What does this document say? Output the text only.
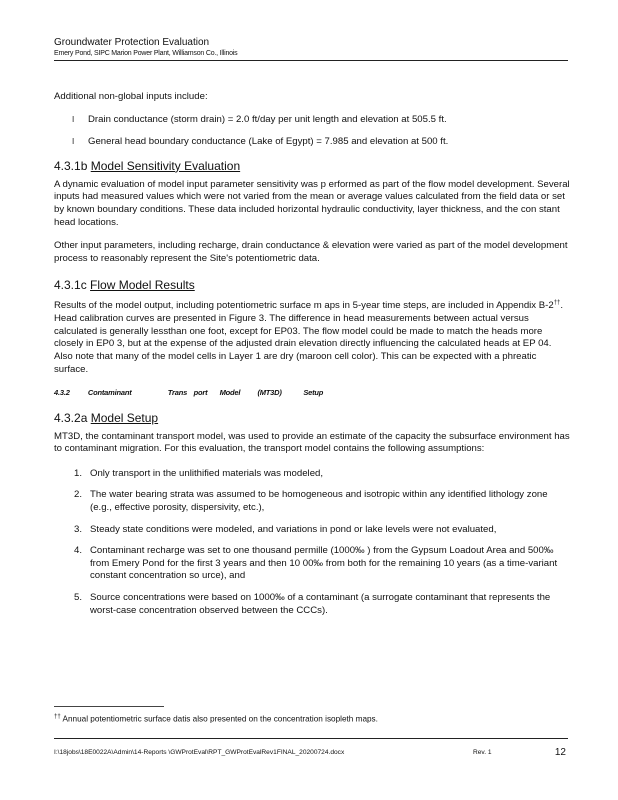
Groundwater Protection Evaluation
Emery Pond, SIPC Marion Power Plant, Williamson Co., Illinois

Additional non-global inputs include:

l Drain conductance (storm drain) = 2.0 ft/day per unit length and elevation at 505.5 ft.
l General head boundary conductance (Lake of Egypt) = 7.985 and elevation at 500 ft.
4.3.1b Model Sensitivity Evaluation

A dynamic evaluation of model input parameter sensitivity was p erformed as part of the flow model development. Several inputs had measured values which were not varied from the mean or average values calculated from the field data or set by known boundary conditions. These data included horizontal hydraulic conductivity, layer thickness, and the con stant head locations.

Other input parameters, including recharge, drain conductance & elevation were varied as part of the model development process to reasonably represent the Site's potentiometric data.

4.3.1c Flow Model Results

Results of the model output, including potentiometric surface m aps in 5-year time steps, are included in Appendix B-2††. Head calibration curves are presented in Figure 3. The difference in head measurements between actual versus calculated is generally lessthan one foot, except for EP03. The flow model could be made to match the heads more closely in EP0 3, but at the expense of the adjusted drain elevation directly influencing the calculated heads at EP 04. Also note that many of the model cells in Layer 1 are dry (maroon cell color). This can be expected with a phreatic surface.

4.3.2 Contaminant	Trans port Model (MT3D)	Setup
4.3.2a Model Setup

MT3D, the contaminant transport model, was used to provide an estimate of the capacity the subsurface environment has to contaminant migration. For this evaluation, the transport model contains the following assumptions:

1. Only transport in the unlithified materials was modeled,
2. The water bearing strata was assumed to be homogeneous and isotropic within any identified lithology zone (e.g., effective porosity, dispersivity, etc.),
3. Steady state conditions were modeled, and variations in pond or lake levels were not evaluated,
4. Contaminant recharge was set to one thousand permille (1000‰ ) from the Gypsum Loadout Area and 500‰ from Emery Pond for the first 3 years and then 10 00‰ from both for the remaining 10 years (as a time-variant constant concentration so urce), and
5. Source concentrations were based on 1000‰ of a contaminant (a surrogate contaminant that represents the worst-case concentration observed between the CCCs).
†† Annual potentiometric surface datis also presented on the concentration isopleth maps.
I:\18jobs\18E0022A\Admin\14-Reports \GWProtEval\RPT_GWProtEvalRev1FINAL_20200724.docx	Rev. 1	12
